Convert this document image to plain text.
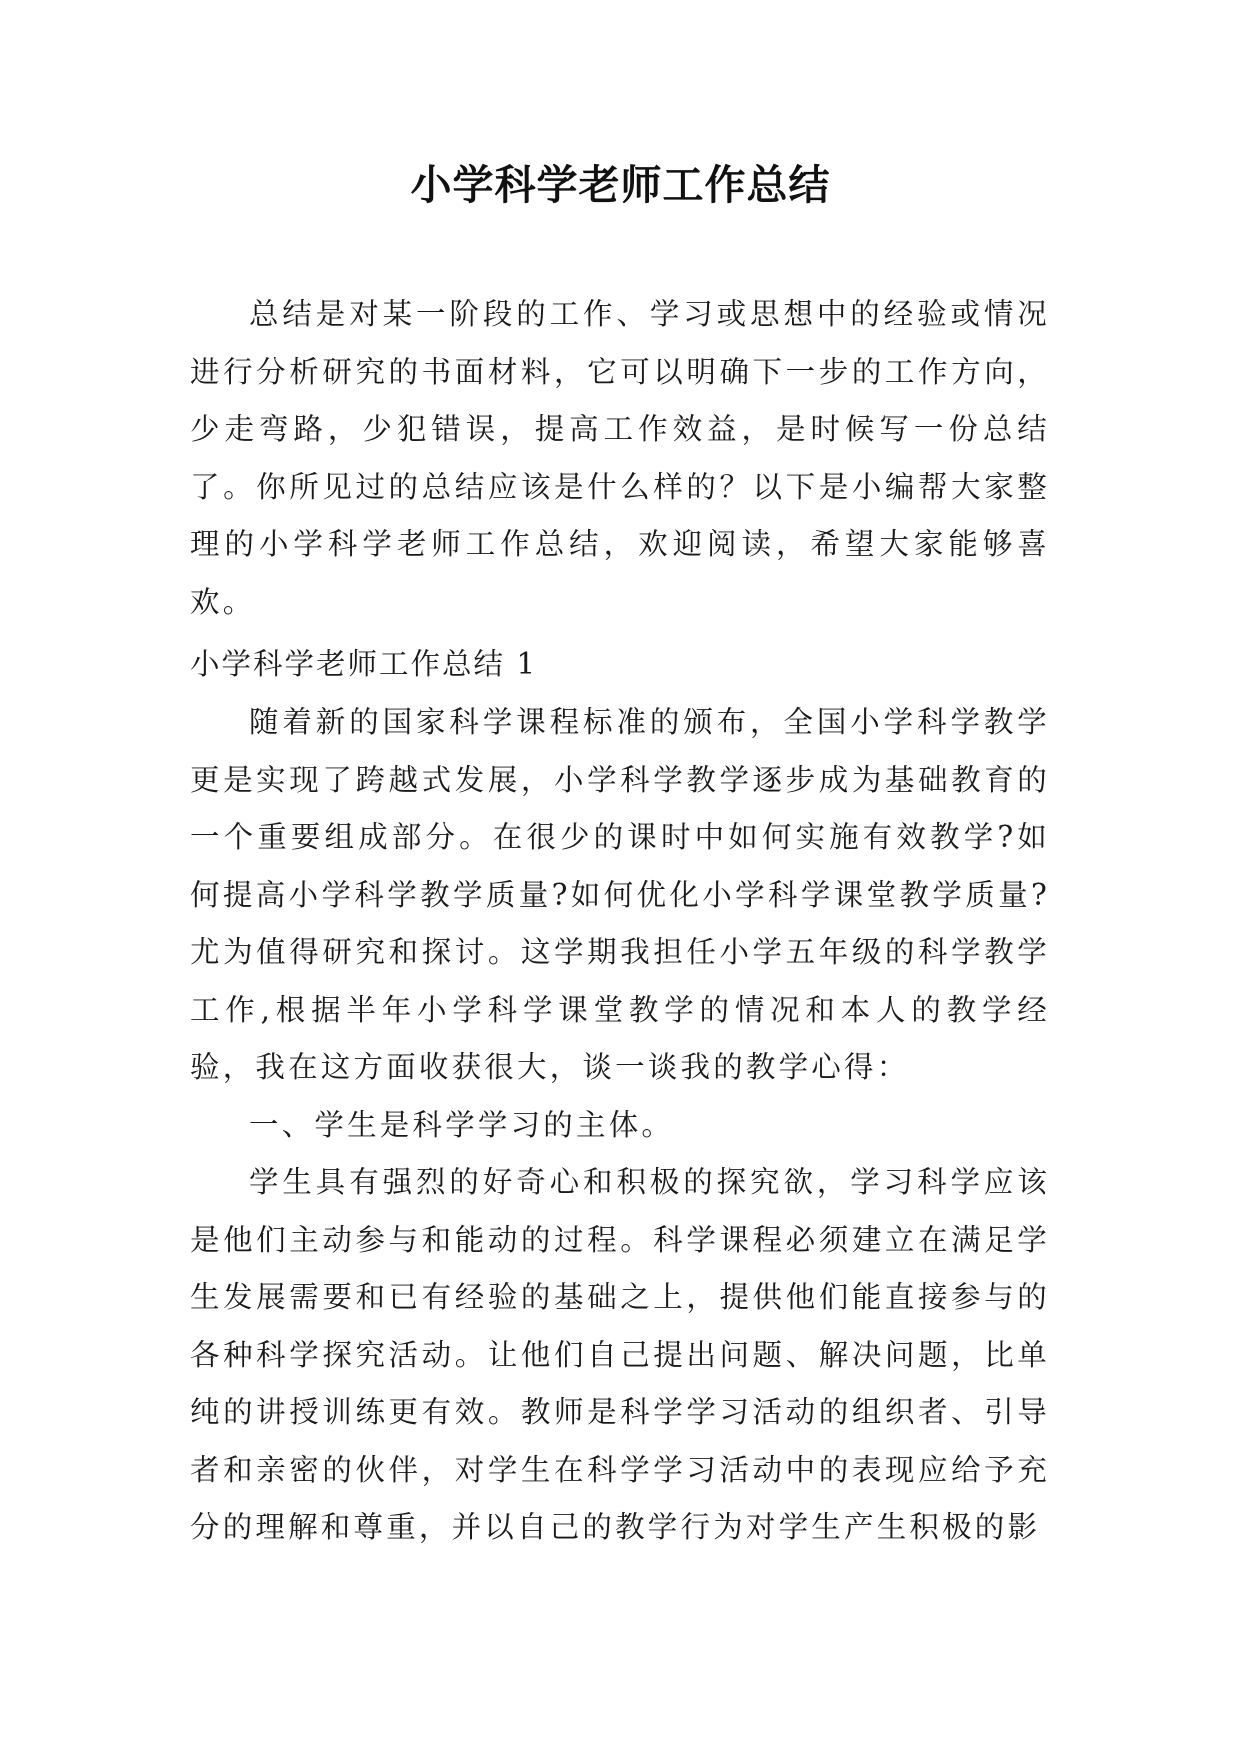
小学科学老师工作总结

总结是对某一阶段的工作、学习或思想中的经验或情况进行分析研究的书面材料，它可以明确下一步的工作方向，少走弯路，少犯错误，提高工作效益，是时候写一份总结了。你所见过的总结应该是什么样的？以下是小编帮大家整理的小学科学老师工作总结，欢迎阅读，希望大家能够喜欢。

小学科学老师工作总结 1

随着新的国家科学课程标准的颁布，全国小学科学教学更是实现了跨越式发展，小学科学教学逐步成为基础教育的一个重要组成部分。在很少的课时中如何实施有效教学?如何提高小学科学教学质量?如何优化小学科学课堂教学质量?尤为值得研究和探讨。这学期我担任小学五年级的科学教学工作,根据半年小学科学课堂教学的情况和本人的教学经验，我在这方面收获很大，谈一谈我的教学心得：

一、学生是科学学习的主体。

学生具有强烈的好奇心和积极的探究欲，学习科学应该是他们主动参与和能动的过程。科学课程必须建立在满足学生发展需要和已有经验的基础之上，提供他们能直接参与的各种科学探究活动。让他们自己提出问题、解决问题，比单纯的讲授训练更有效。教师是科学学习活动的组织者、引导者和亲密的伙伴，对学生在科学学习活动中的表现应给予充分的理解和尊重，并以自己的教学行为对学生产生积极的影
